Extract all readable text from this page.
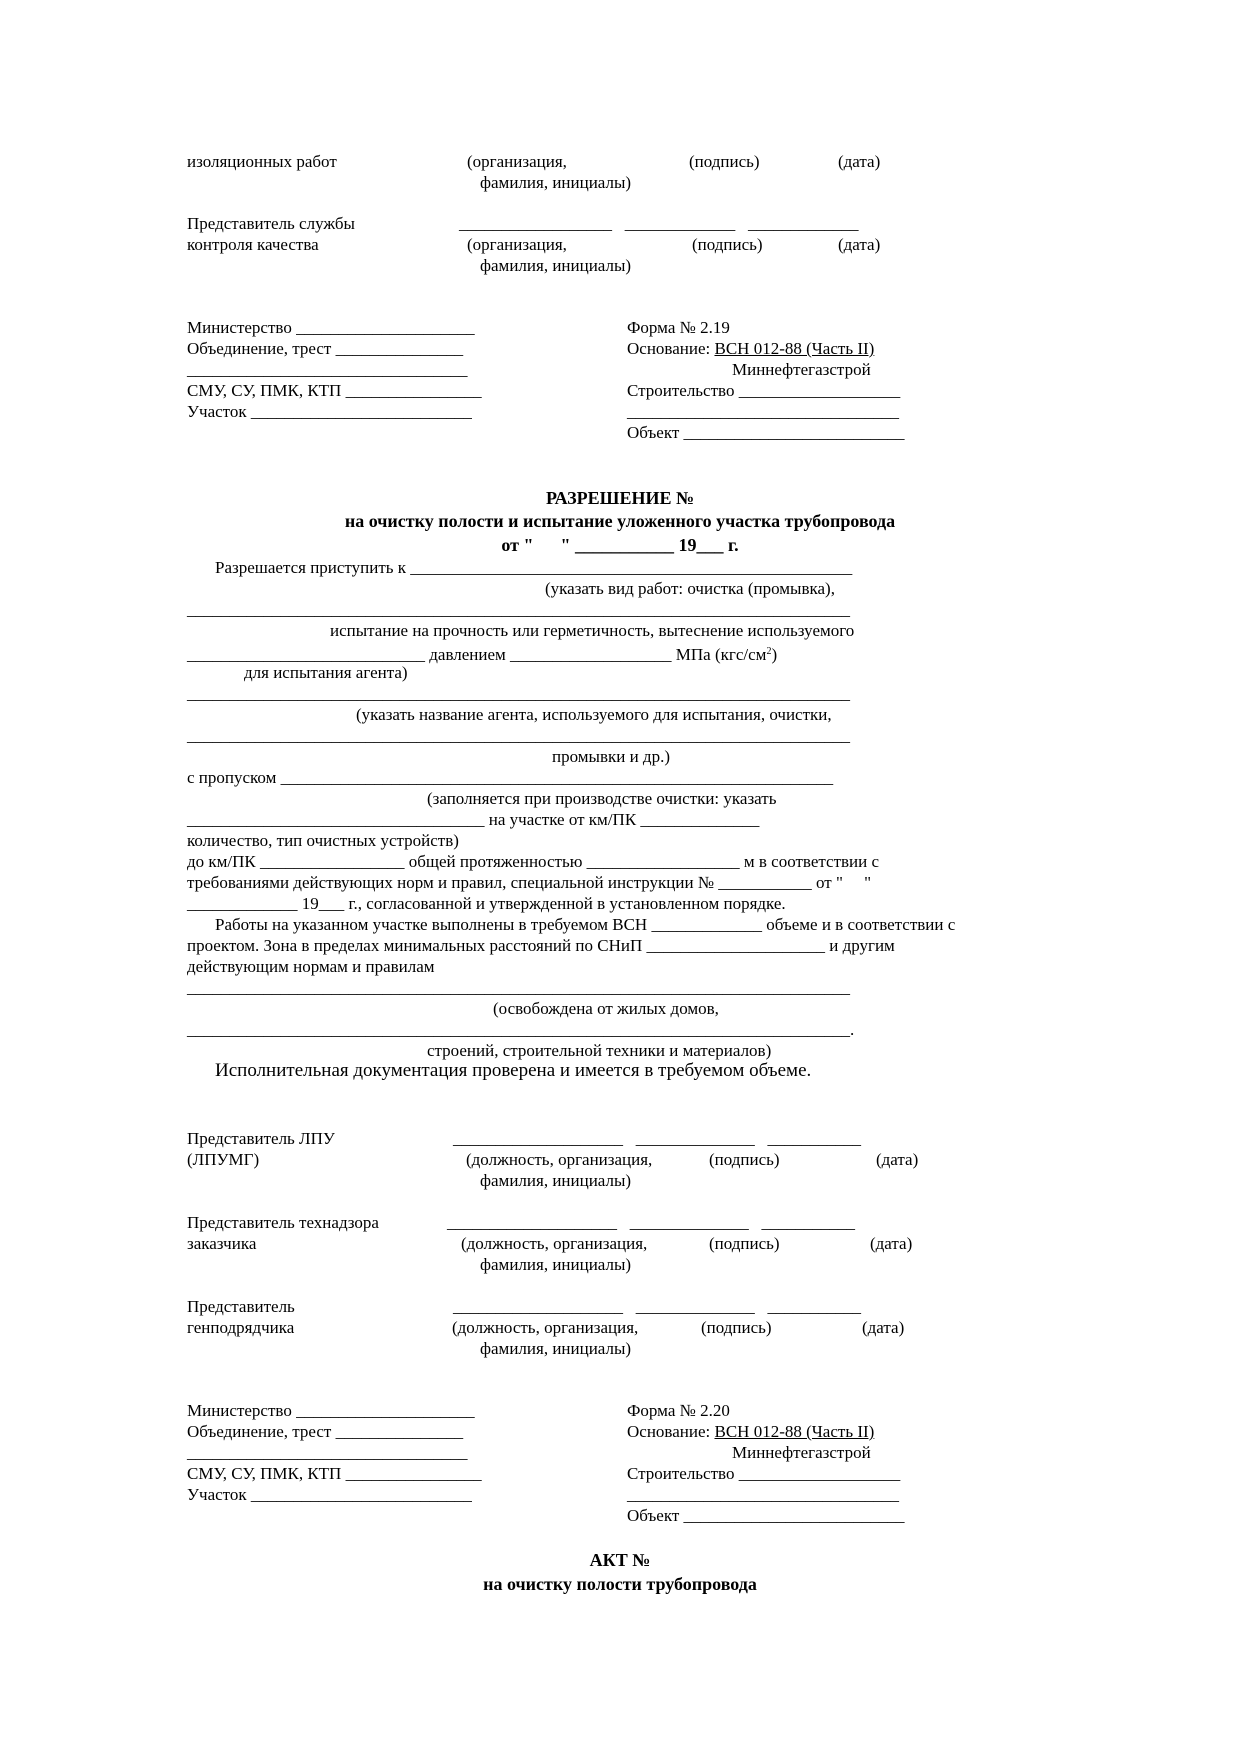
изоляционных работ	(организация,	(подпись)	(дата)
фамилия, инициалы)
Представитель службы	__________________   _____________   _____________
контроля качества	(организация,	(подпись)	(дата)
фамилия, инициалы)
Министерство _____________________
Объединение, трест _______________
_________________________________
СМУ, СУ, ПМК, КТП ________________
Участок __________________________
Форма № 2.19
Основание: ВСН 012-88 (Часть II)
Миннефтегазстрой
Строительство ___________________
________________________________
Объект __________________________
РАЗРЕШЕНИЕ №
на очистку полости и испытание уложенного участка трубопровода
от "      " ___________ 19___ г.
Разрешается приступить к ____________________________________________________
(указать вид работ: очистка (промывка),
______________________________________________________________________________
испытание на прочность или герметичность, вытеснение используемого
____________________________ давлением ___________________ МПа $(кгс/см^2)$
для испытания агента)
______________________________________________________________________________
(указать название агента, используемого для испытания, очистки,
______________________________________________________________________________
промывки и др.)
с пропуском _________________________________________________________________
(заполняется при производстве очистки: указать
___________________________________ на участке от км/ПК ______________
количество, тип очистных устройств)
до км/ПК _________________ общей протяженностью __________________ м в соответствии с
требованиями действующих норм и правил, специальной инструкции № ___________ от "     "
_____________ 19___ г., согласованной и утвержденной в установленном порядке.
Работы на указанном участке выполнены в требуемом ВСН _____________ объеме и в соответствии с
проектом. Зона в пределах минимальных расстояний по СНиП _____________________ и другим
действующим нормам и правилам
______________________________________________________________________________
(освобождена от жилых домов,
______________________________________________________________________________.
строений, строительной техники и материалов)
Исполнительная документация проверена и имеется в требуемом объеме.
Представитель ЛПУ	____________________   ______________   ___________
(ЛПУМГ)	(должность, организация,	(подпись)	(дата)
фамилия, инициалы)
Представитель технадзора	____________________   ______________   ___________
заказчика	(должность, организация,	(подпись)	(дата)
фамилия, инициалы)
Представитель	____________________   ______________   ___________
генподрядчика	(должность, организация,	(подпись)	(дата)
фамилия, инициалы)
Министерство _____________________
Объединение, трест _______________
_________________________________
СМУ, СУ, ПМК, КТП ________________
Участок __________________________
Форма № 2.20
Основание: ВСН 012-88 (Часть II)
Миннефтегазстрой
Строительство ___________________
________________________________
Объект __________________________
АКТ №
на очистку полости трубопровода
